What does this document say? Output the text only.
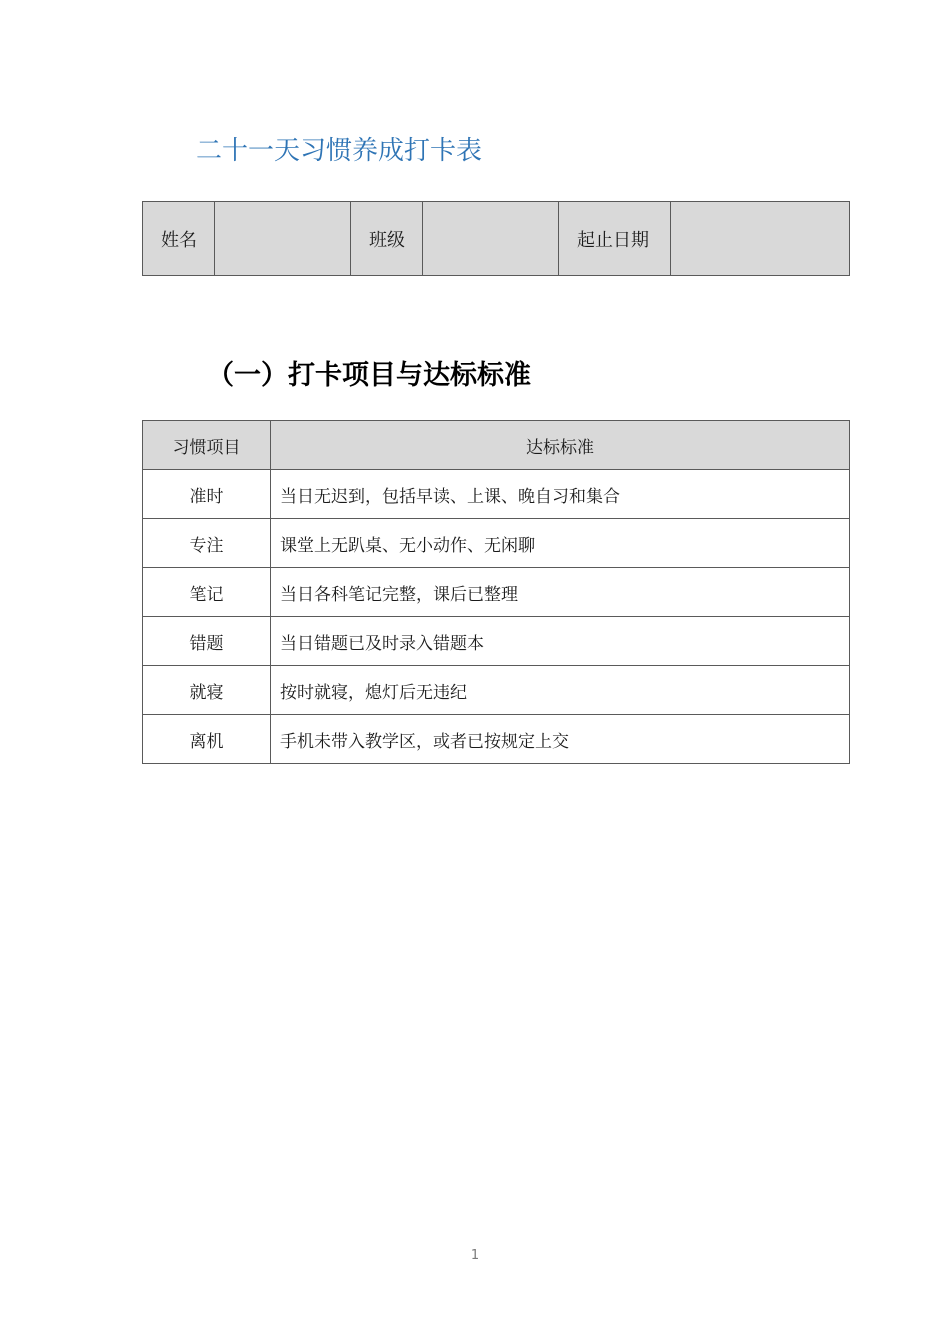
二十一天习惯养成打卡表
姓名		班级		起止日期	
（一）打卡项目与达标标准
习惯项目	达标标准
准时	当日无迟到，包括早读、上课、晚自习和集合
专注	课堂上无趴桌、无小动作、无闲聊
笔记	当日各科笔记完整，课后已整理
错题	当日错题已及时录入错题本
就寝	按时就寝，熄灯后无违纪
离机	手机未带入教学区，或者已按规定上交
1
